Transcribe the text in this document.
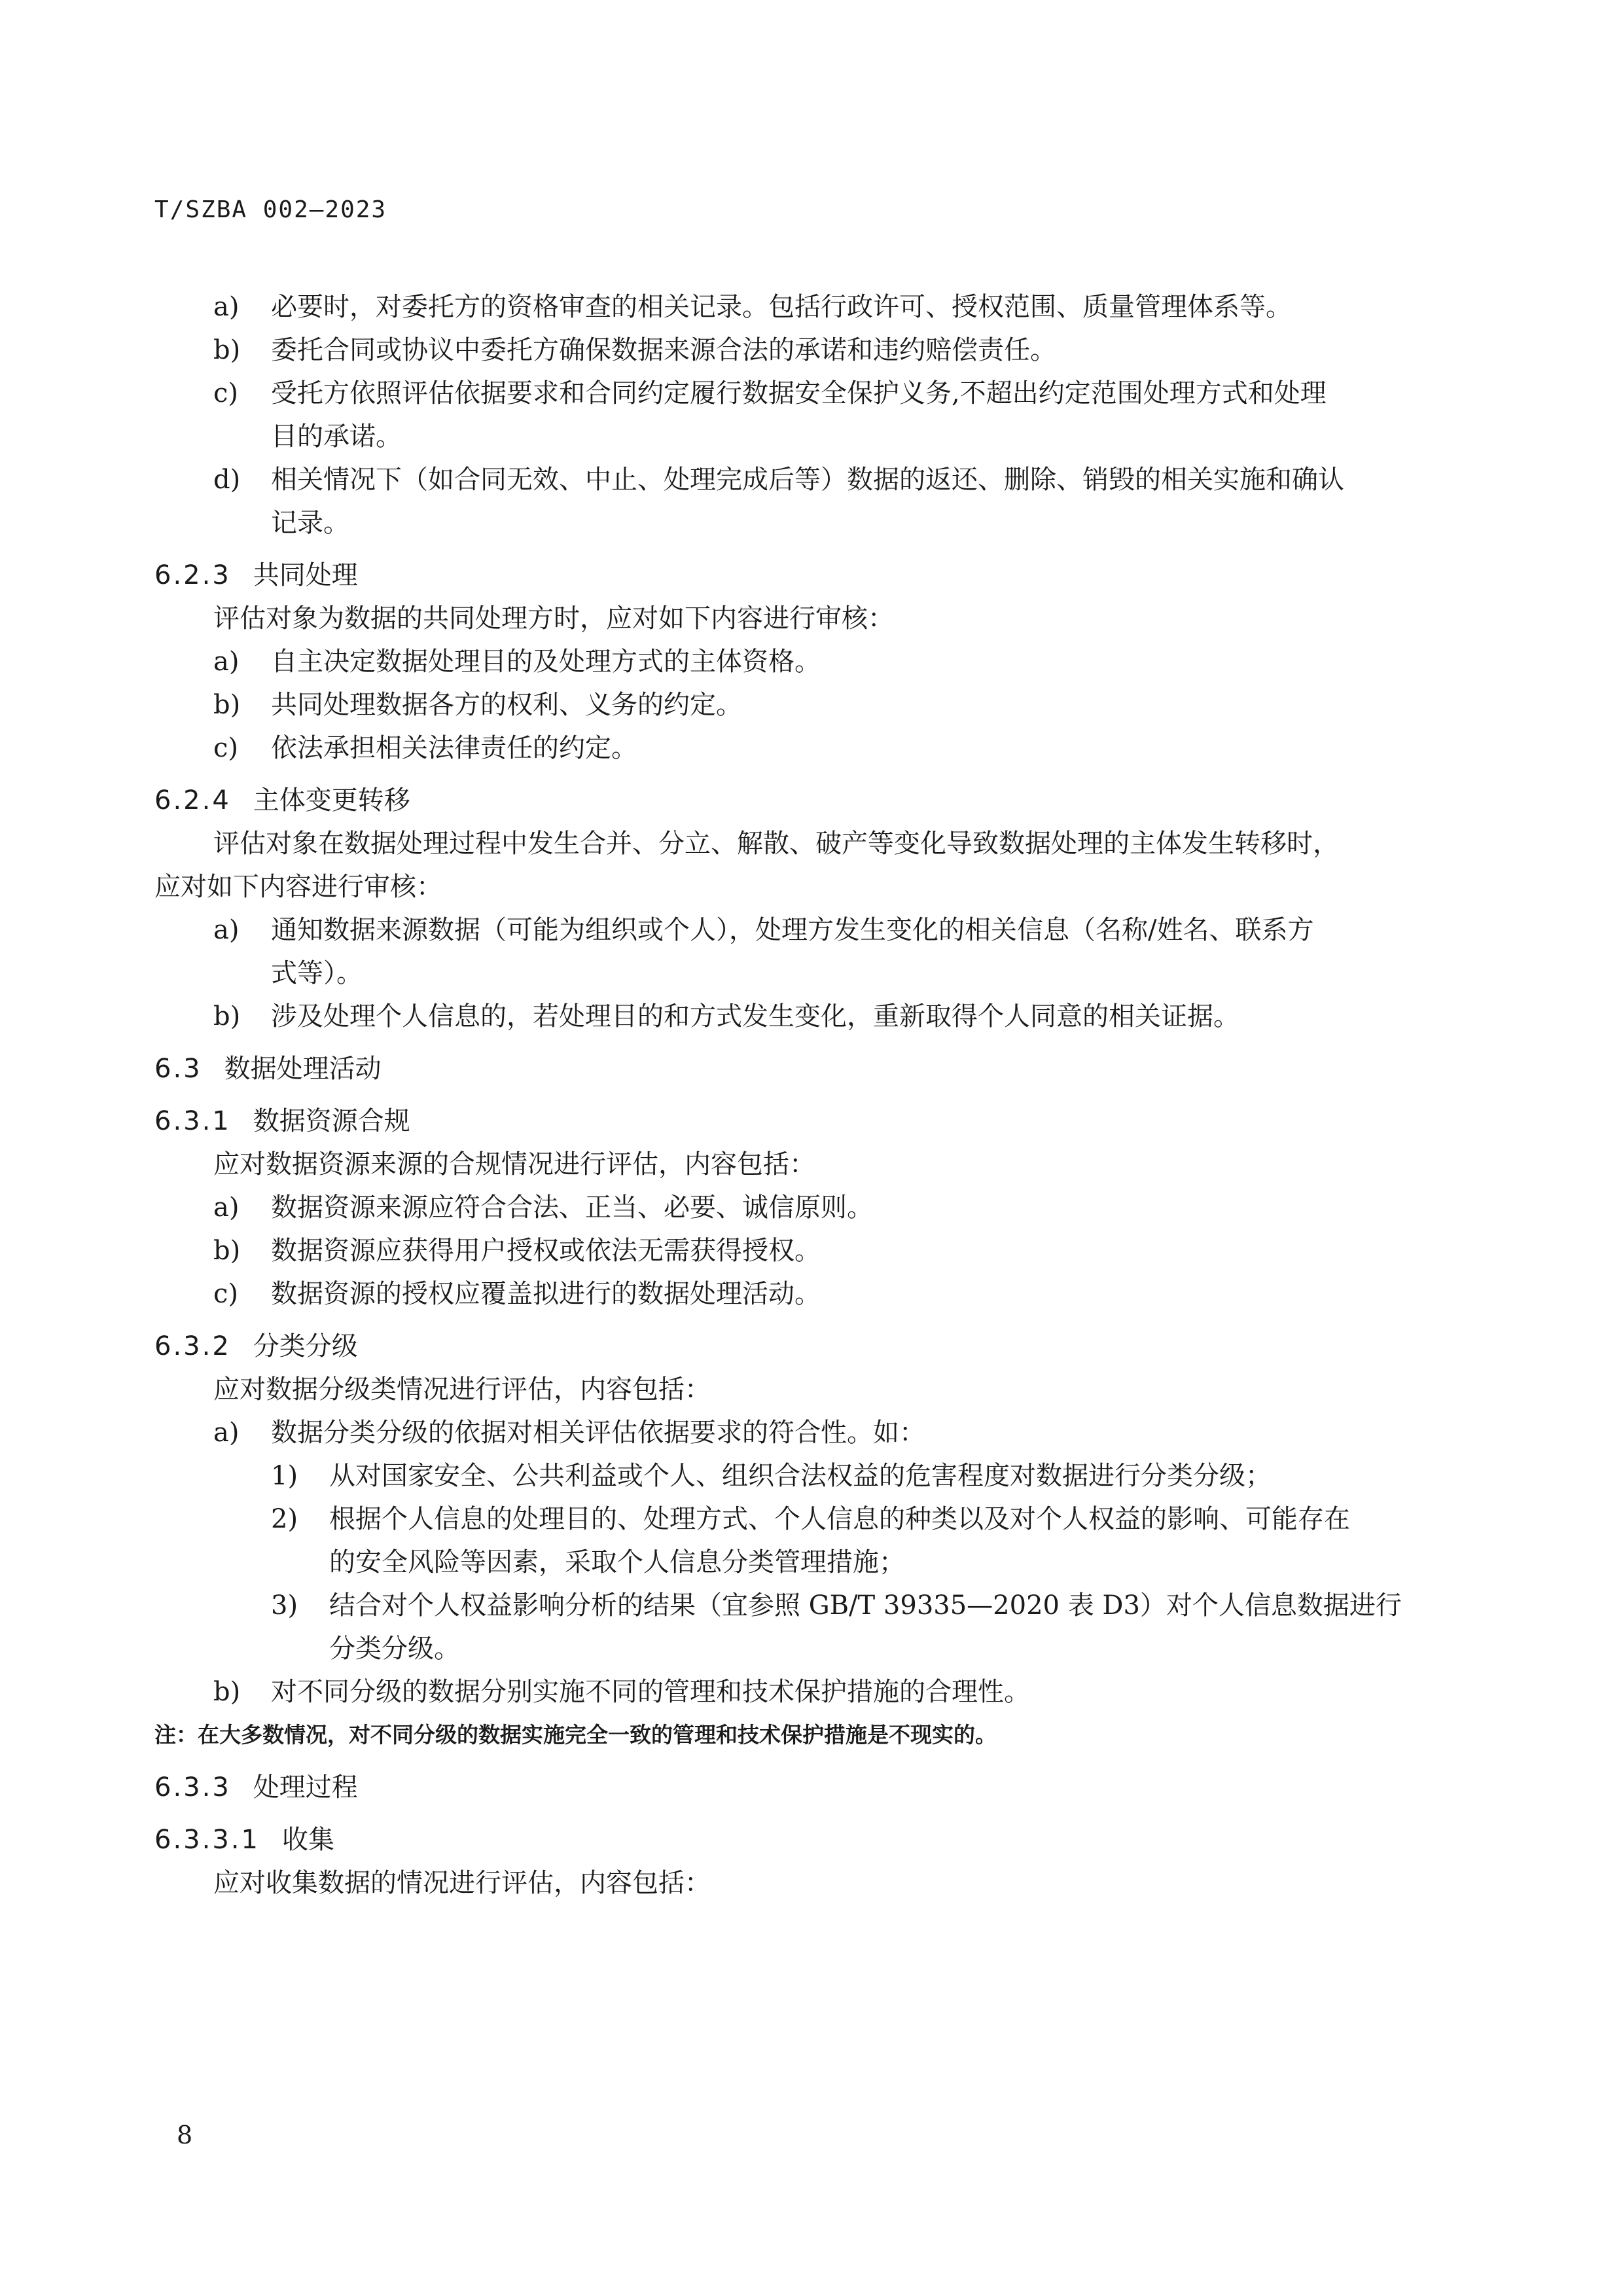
T/SZBA 002—2023
a) 必要时，对委托方的资格审查的相关记录。包括行政许可、授权范围、质量管理体系等。
b) 委托合同或协议中委托方确保数据来源合法的承诺和违约赔偿责任。
c) 受托方依照评估依据要求和合同约定履行数据安全保护义务,不超出约定范围处理方式和处理
目的承诺。
d) 相关情况下（如合同无效、中止、处理完成后等）数据的返还、删除、销毁的相关实施和确认
记录。
6.2.3 共同处理
评估对象为数据的共同处理方时，应对如下内容进行审核：
a) 自主决定数据处理目的及处理方式的主体资格。
b) 共同处理数据各方的权利、义务的约定。
c) 依法承担相关法律责任的约定。
6.2.4 主体变更转移
评估对象在数据处理过程中发生合并、分立、解散、破产等变化导致数据处理的主体发生转移时，
应对如下内容进行审核：
a) 通知数据来源数据（可能为组织或个人），处理方发生变化的相关信息（名称/姓名、联系方
式等）。
b) 涉及处理个人信息的，若处理目的和方式发生变化，重新取得个人同意的相关证据。
6.3 数据处理活动
6.3.1 数据资源合规
应对数据资源来源的合规情况进行评估，内容包括：
a) 数据资源来源应符合合法、正当、必要、诚信原则。
b) 数据资源应获得用户授权或依法无需获得授权。
c) 数据资源的授权应覆盖拟进行的数据处理活动。
6.3.2 分类分级
应对数据分级类情况进行评估，内容包括：
a) 数据分类分级的依据对相关评估依据要求的符合性。如：
1) 从对国家安全、公共利益或个人、组织合法权益的危害程度对数据进行分类分级；
2) 根据个人信息的处理目的、处理方式、个人信息的种类以及对个人权益的影响、可能存在
的安全风险等因素，采取个人信息分类管理措施；
3) 结合对个人权益影响分析的结果（宜参照 GB/T 39335—2020 表 D3）对个人信息数据进行
分类分级。
b) 对不同分级的数据分别实施不同的管理和技术保护措施的合理性。
注：在大多数情况，对不同分级的数据实施完全一致的管理和技术保护措施是不现实的。
6.3.3 处理过程
6.3.3.1 收集
应对收集数据的情况进行评估，内容包括：
8
